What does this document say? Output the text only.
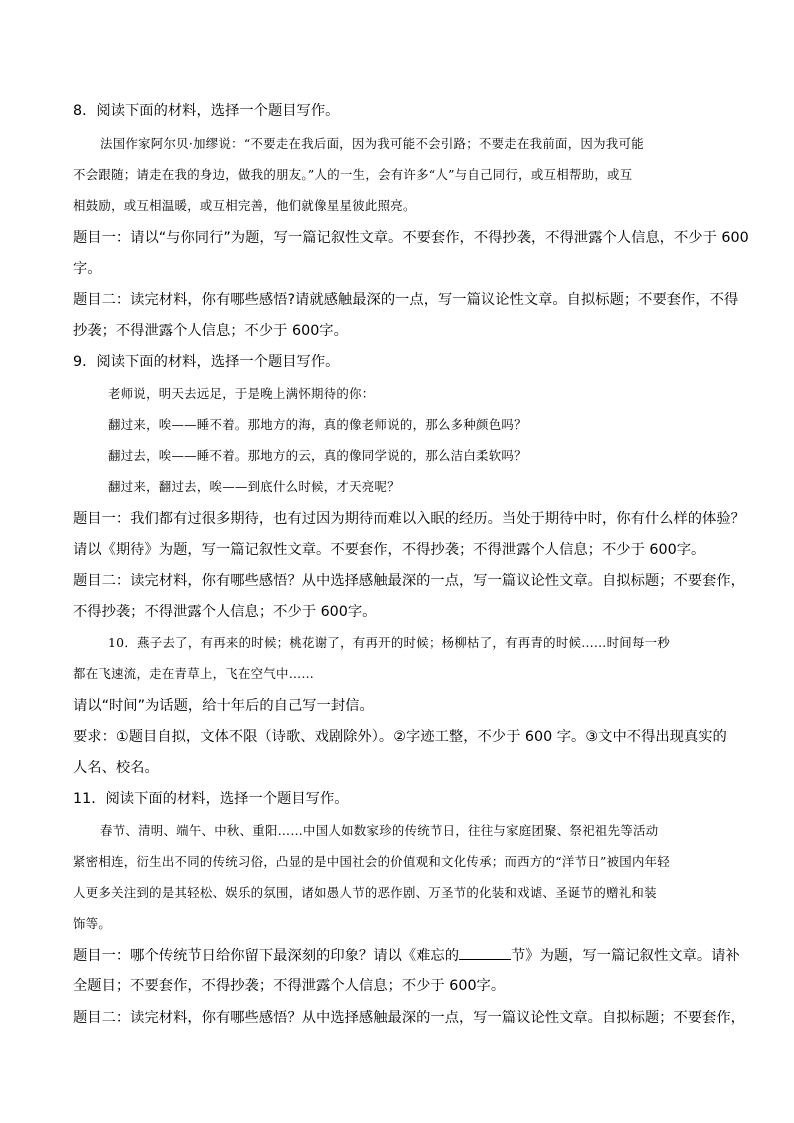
8．阅读下面的材料，选择一个题目写作。
法国作家阿尔贝·加缪说：“不要走在我后面，因为我可能不会引路；不要走在我前面，因为我可能
不会跟随；请走在我的身边，做我的朋友。”人的一生，会有许多“人”与自己同行，或互相帮助，或互
相鼓励，或互相温暖，或互相完善，他们就像星星彼此照亮。
题目一：请以“与你同行”为题，写一篇记叙性文章。不要套作，不得抄袭，不得泄露个人信息，不少于 600
字。
题目二：读完材料，你有哪些感悟?请就感触最深的一点，写一篇议论性文章。自拟标题；不要套作，不得
抄袭；不得泄露个人信息；不少于 600字。
9．阅读下面的材料，选择一个题目写作。
老师说，明天去远足，于是晚上满怀期待的你：
翻过来，唉——睡不着。那地方的海，真的像老师说的，那么多种颜色吗？
翻过去，唉——睡不着。那地方的云，真的像同学说的，那么洁白柔软吗？
翻过来，翻过去，唉——到底什么时候，才天亮呢？
题目一：我们都有过很多期待，也有过因为期待而难以入眠的经历。当处于期待中时，你有什么样的体验？
请以《期待》为题，写一篇记叙性文章。不要套作，不得抄袭；不得泄露个人信息；不少于 600字。
题目二：读完材料，你有哪些感悟？从中选择感触最深的一点，写一篇议论性文章。自拟标题；不要套作，
不得抄袭；不得泄露个人信息；不少于 600字。
10．燕子去了，有再来的时候；桃花谢了，有再开的时候；杨柳枯了，有再青的时候……时间每一秒
都在飞速流，走在青草上，飞在空气中……
请以“时间”为话题，给十年后的自己写一封信。
要求：①题目自拟，文体不限（诗歌、戏剧除外）。②字迹工整，不少于 600 字。③文中不得出现真实的
人名、校名。
11．阅读下面的材料，选择一个题目写作。
春节、清明、端午、中秋、重阳……中国人如数家珍的传统节日，往往与家庭团聚、祭祀祖先等活动
紧密相连，衍生出不同的传统习俗，凸显的是中国社会的价值观和文化传承；而西方的“洋节日”被国内年轻
人更多关注到的是其轻松、娱乐的氛围，诸如愚人节的恶作剧、万圣节的化装和戏谑、圣诞节的赠礼和装
饰等。
题目一：哪个传统节日给你留下最深刻的印象？请以《难忘的	节》为题，写一篇记叙性文章。请补
全题目；不要套作，不得抄袭；不得泄露个人信息；不少于 600字。
题目二：读完材料，你有哪些感悟？从中选择感触最深的一点，写一篇议论性文章。自拟标题；不要套作，
